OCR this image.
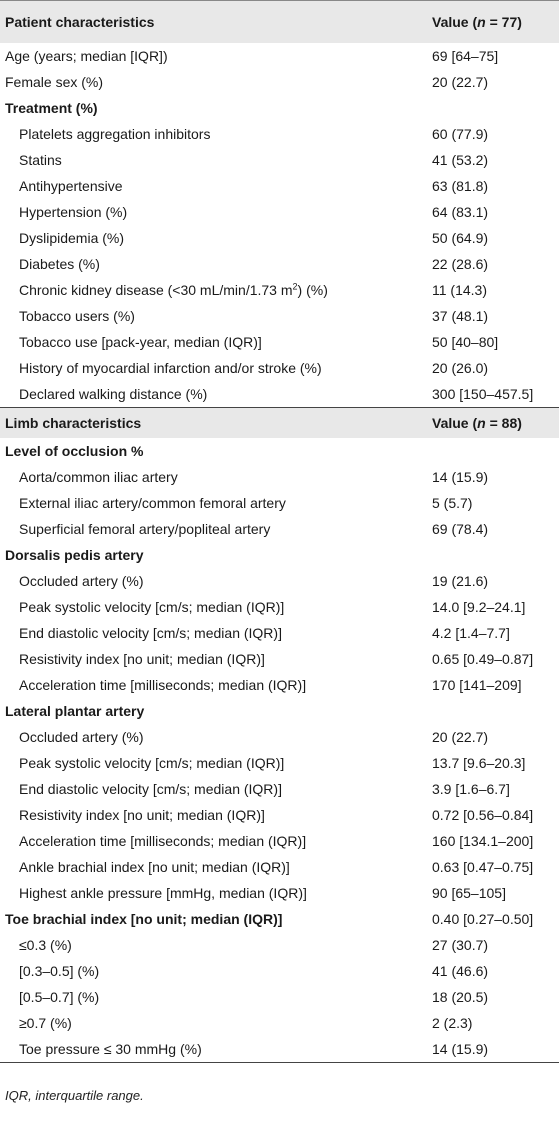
Patient characteristics	Value (n = 77)
Age (years; median [IQR])	69 [64–75]
Female sex (%)	20 (22.7)
Treatment (%)	
Platelets aggregation inhibitors	60 (77.9)
Statins	41 (53.2)
Antihypertensive	63 (81.8)
Hypertension (%)	64 (83.1)
Dyslipidemia (%)	50 (64.9)
Diabetes (%)	22 (28.6)
Chronic kidney disease (<30 mL/min/1.73 $m^2$) (%)	11 (14.3)
Tobacco users (%)	37 (48.1)
Tobacco use [pack-year, median (IQR)]	50 [40–80]
History of myocardial infarction and/or stroke (%)	20 (26.0)
Declared walking distance (%)	300 [150–457.5]
Limb characteristics	Value (n = 88)
Level of occlusion %	
Aorta/common iliac artery	14 (15.9)
External iliac artery/common femoral artery	5 (5.7)
Superficial femoral artery/popliteal artery	69 (78.4)
Dorsalis pedis artery	
Occluded artery (%)	19 (21.6)
Peak systolic velocity [cm/s; median (IQR)]	14.0 [9.2–24.1]
End diastolic velocity [cm/s; median (IQR)]	4.2 [1.4–7.7]
Resistivity index [no unit; median (IQR)]	0.65 [0.49–0.87]
Acceleration time [milliseconds; median (IQR)]	170 [141–209]
Lateral plantar artery	
Occluded artery (%)	20 (22.7)
Peak systolic velocity [cm/s; median (IQR)]	13.7 [9.6–20.3]
End diastolic velocity [cm/s; median (IQR)]	3.9 [1.6–6.7]
Resistivity index [no unit; median (IQR)]	0.72 [0.56–0.84]
Acceleration time [milliseconds; median (IQR)]	160 [134.1–200]
Ankle brachial index [no unit; median (IQR)]	0.63 [0.47–0.75]
Highest ankle pressure [mmHg, median (IQR)]	90 [65–105]
Toe brachial index [no unit; median (IQR)]	0.40 [0.27–0.50]
≤0.3 (%)	27 (30.7)
[0.3–0.5] (%)	41 (46.6)
[0.5–0.7] (%)	18 (20.5)
≥0.7 (%)	2 (2.3)
Toe pressure ≤ 30 mmHg (%)	14 (15.9)
IQR, interquartile range.
